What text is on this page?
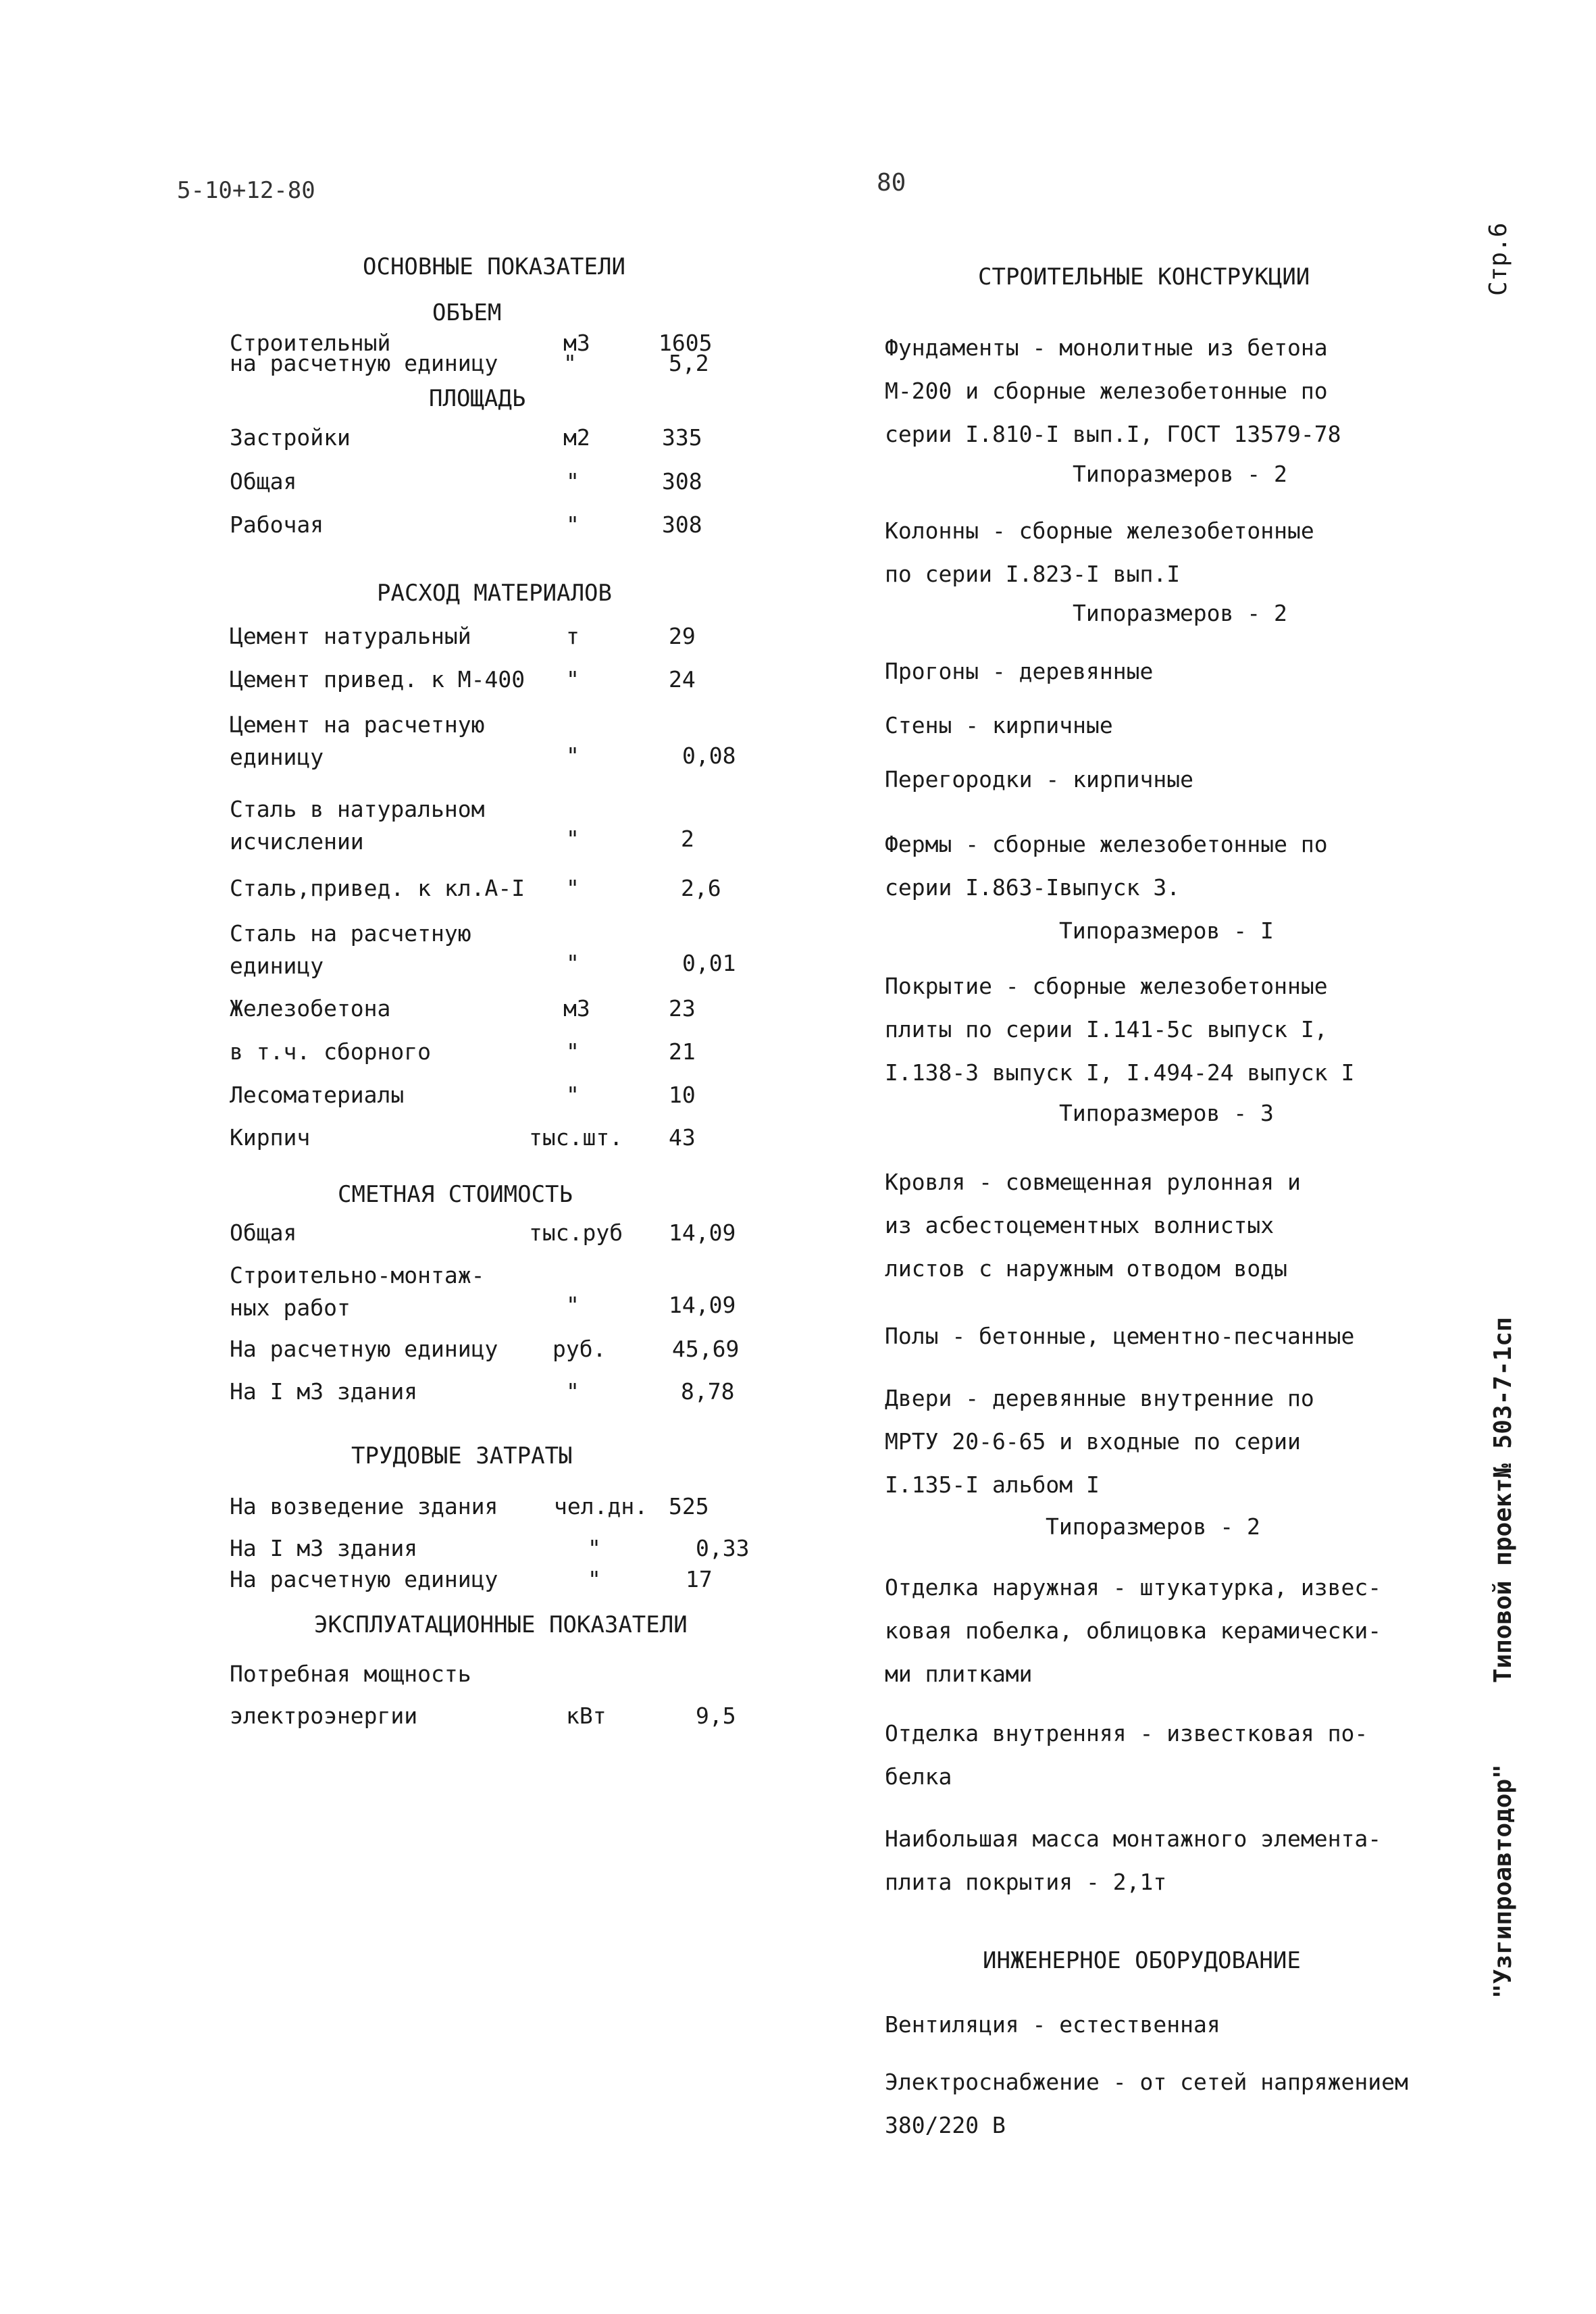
5-10+12-80	80
Стр.6
"Узгипроавтодор"Типовой проект№ 503-7-1сп
ОСНОВНЫЕ ПОКАЗАТЕЛИ
ОБЪЕМ
Строительный	м3	1605
на расчетную единицу	"	5,2
ПЛОЩАДЬ
Застройки	м2	335
Общая	"	308
Рабочая	"	308
РАСХОД МАТЕРИАЛОВ
Цемент натуральный	т	29
Цемент привед. к М-400 "	24
Цемент на расчетную
единицу	"	0,08
Сталь в натуральном
исчислении	"	2
Сталь,привед. к кл.А-I "	2,6
Сталь на расчетную
единицу	"	0,01
Железобетона	м3	23
в т.ч. сборного	"	21
Лесоматериалы	"	10
Кирпич	тыс.шт. 43
СМЕТНАЯ СТОИМОСТЬ
Общая	тыс.руб 14,09
Строительно-монтаж-
ных работ	"	14,09
На расчетную единицу руб.	45,69
На I м3 здания	"	8,78
ТРУДОВЫЕ ЗАТРАТЫ
На возведение здания	чел.дн. 525
На I м3 здания	"	0,33
На расчетную единицу	"	17
ЭКСПЛУАТАЦИОННЫЕ ПОКАЗАТЕЛИ
Потребная мощность
электроэнергии	кВт	9,5
СТРОИТЕЛЬНЫЕ КОНСТРУКЦИИ
Фундаменты - монолитные из бетона
М-200 и сборные железобетонные по
серии I.810-I вып.I, ГОСТ 13579-78
Типоразмеров - 2
Колонны - сборные железобетонные
по серии I.823-I вып.I
Типоразмеров - 2
Прогоны - деревянные
Стены - кирпичные
Перегородки - кирпичные
Фермы - сборные железобетонные по
серии I.863-Iвыпуск 3.
Типоразмеров - I
Покрытие - сборные железобетонные
плиты по серии I.141-5с выпуск I,
I.138-3 выпуск I, I.494-24 выпуск I
Типоразмеров - 3
Кровля - совмещенная рулонная и
из асбестоцементных волнистых
листов с наружным отводом воды
Полы - бетонные, цементно-песчанные
Двери - деревянные внутренние по
МРТУ 20-6-65 и входные по серии
I.135-I альбом I
Типоразмеров - 2
Отделка наружная - штукатурка, извес-
ковая побелка, облицовка керамически-
ми плитками
Отделка внутренняя - известковая по-
белка
Наибольшая масса монтажного элемента-
плита покрытия - 2,1т
ИНЖЕНЕРНОЕ ОБОРУДОВАНИЕ
Вентиляция - естественная
Электроснабжение - от сетей напряжением
380/220 В
